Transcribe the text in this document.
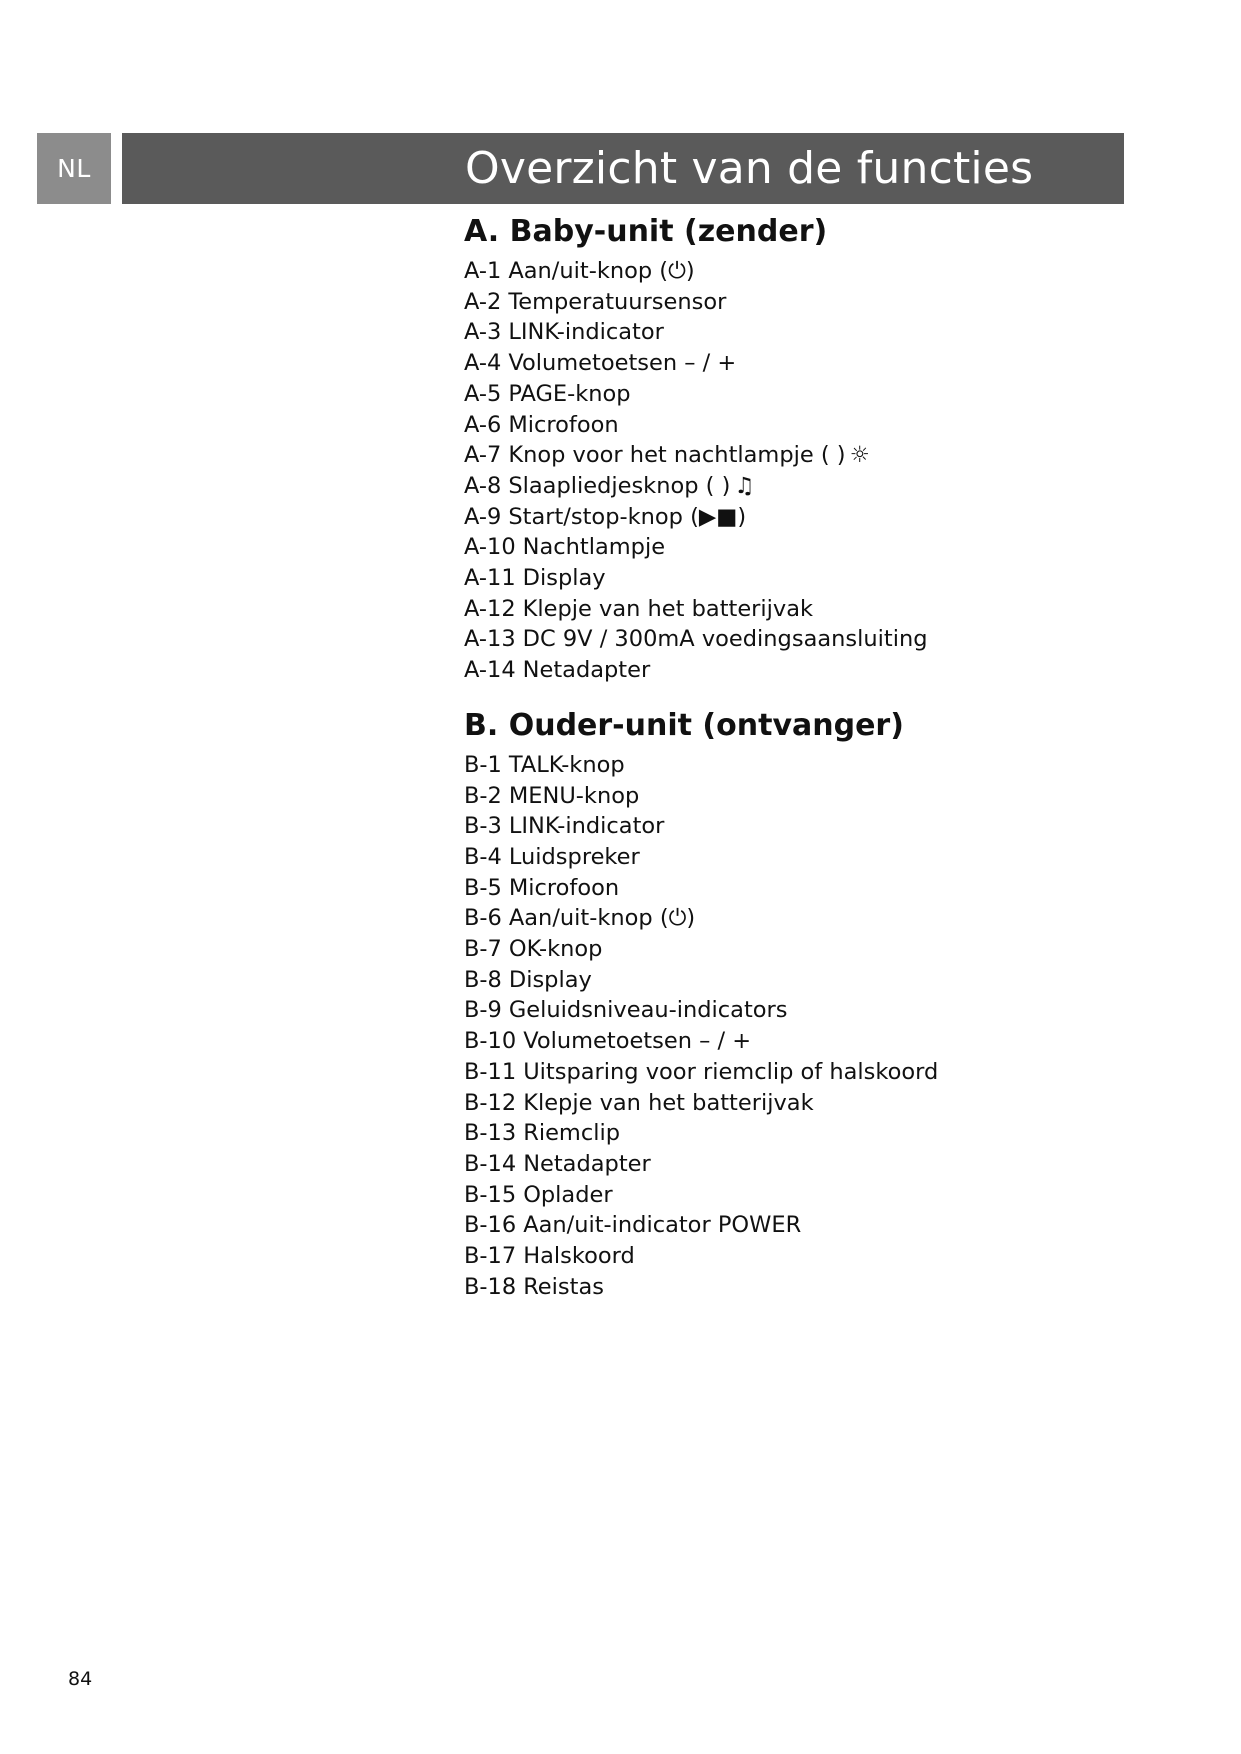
NL	Overzicht van de functies
A. Baby-unit (zender)
A-1 Aan/uit-knop (⏻)
A-2 Temperatuursensor
A-3 LINK-indicator
A-4 Volumetoetsen – / +
A-5 PAGE-knop
A-6 Microfoon
A-7 Knop voor het nachtlampje ( ) ☼
A-8 Slaapliedjesknop ( ) ♫
A-9 Start/stop-knop (▶■)
A-10 Nachtlampje
A-11 Display
A-12 Klepje van het batterijvak
A-13 DC 9V / 300mA voedingsaansluiting
A-14 Netadapter
B. Ouder-unit (ontvanger)
B-1 TALK-knop
B-2 MENU-knop
B-3 LINK-indicator
B-4 Luidspreker
B-5 Microfoon
B-6 Aan/uit-knop (⏻)
B-7 OK-knop
B-8 Display
B-9 Geluidsniveau-indicators
B-10 Volumetoetsen – / +
B-11 Uitsparing voor riemclip of halskoord
B-12 Klepje van het batterijvak
B-13 Riemclip
B-14 Netadapter
B-15 Oplader
B-16 Aan/uit-indicator POWER
B-17 Halskoord
B-18 Reistas
84
